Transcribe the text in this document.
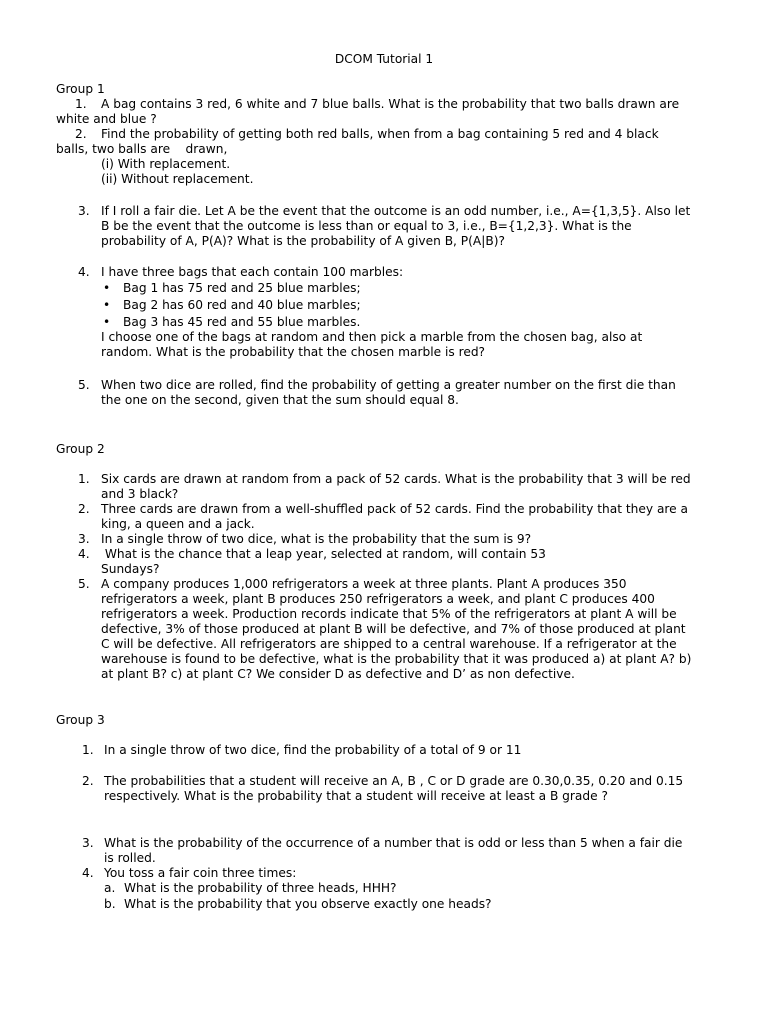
DCOM Tutorial 1
Group 1
1. A bag contains 3 red, 6 white and 7 blue balls. What is the probability that two balls drawn are
white and blue ?
2. Find the probability of getting both red balls, when from a bag containing 5 red and 4 black
balls, two balls are    drawn,
(i) With replacement.
(ii) Without replacement.
3. If I roll a fair die. Let A be the event that the outcome is an odd number, i.e., A={1,3,5}. Also let
B be the event that the outcome is less than or equal to 3, i.e., B={1,2,3}. What is the
probability of A, P(A)? What is the probability of A given B, P(A|B)?
4. I have three bags that each contain 100 marbles:
• Bag 1 has 75 red and 25 blue marbles;
• Bag 2 has 60 red and 40 blue marbles;
• Bag 3 has 45 red and 55 blue marbles.
I choose one of the bags at random and then pick a marble from the chosen bag, also at
random. What is the probability that the chosen marble is red?
5. When two dice are rolled, find the probability of getting a greater number on the first die than
the one on the second, given that the sum should equal 8.
Group 2
1. Six cards are drawn at random from a pack of 52 cards. What is the probability that 3 will be red
and 3 black?
2. Three cards are drawn from a well-shuffled pack of 52 cards. Find the probability that they are a
king, a queen and a jack.
3. In a single throw of two dice, what is the probability that the sum is 9?
4. What is the chance that a leap year, selected at random, will contain 53
Sundays?
5. A company produces 1,000 refrigerators a week at three plants. Plant A produces 350
refrigerators a week, plant B produces 250 refrigerators a week, and plant C produces 400
refrigerators a week. Production records indicate that 5% of the refrigerators at plant A will be
defective, 3% of those produced at plant B will be defective, and 7% of those produced at plant
C will be defective. All refrigerators are shipped to a central warehouse. If a refrigerator at the
warehouse is found to be defective, what is the probability that it was produced a) at plant A? b)
at plant B? c) at plant C? We consider D as defective and D’ as non defective.
Group 3
1. In a single throw of two dice, find the probability of a total of 9 or 11
2. The probabilities that a student will receive an A, B , C or D grade are 0.30,0.35, 0.20 and 0.15
respectively. What is the probability that a student will receive at least a B grade ?
3. What is the probability of the occurrence of a number that is odd or less than 5 when a fair die
is rolled.
4. You toss a fair coin three times:
a. What is the probability of three heads, HHH?
b. What is the probability that you observe exactly one heads?
